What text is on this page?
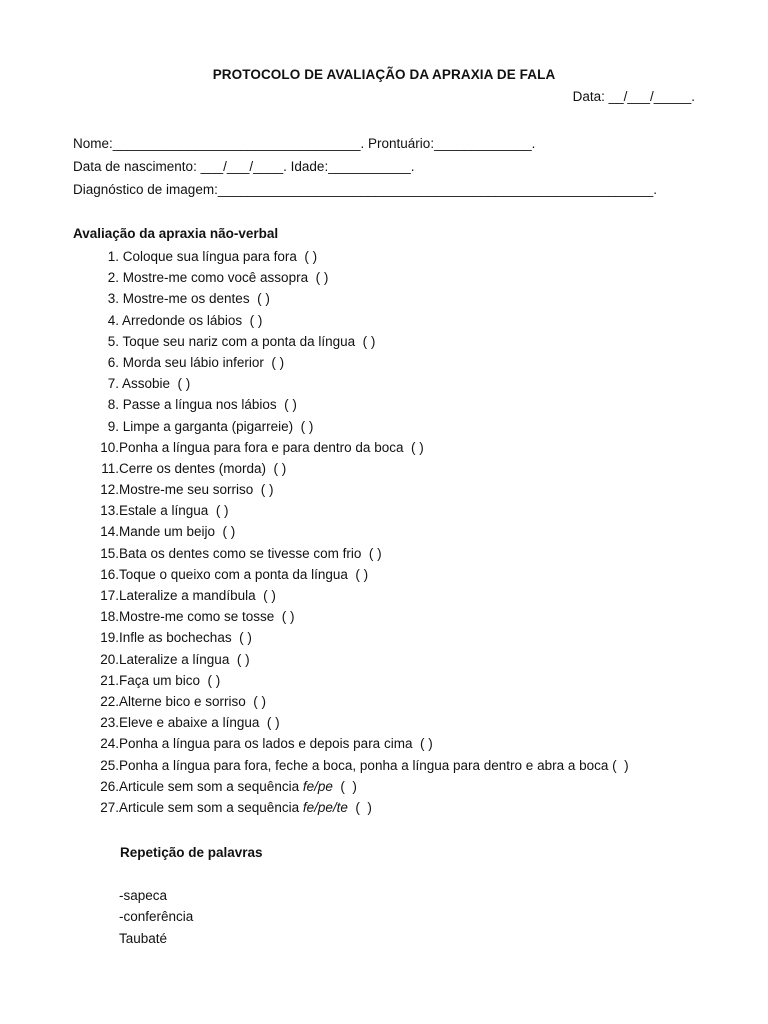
PROTOCOLO DE AVALIAÇÃO DA APRAXIA DE FALA
Data: __/___/_____.
Nome:_________________________________. Prontuário:_____________.
Data de nascimento: ___/___/____. Idade:___________.
Diagnóstico de imagem:__________________________________________________________.
Avaliação da apraxia não-verbal
1. Coloque sua língua para fora  ( )
2. Mostre-me como você assopra  ( )
3. Mostre-me os dentes  ( )
4. Arredonde os lábios  ( )
5. Toque seu nariz com a ponta da língua  ( )
6. Morda seu lábio inferior  ( )
7. Assobie  ( )
8. Passe a língua nos lábios  ( )
9. Limpe a garganta (pigarreie)  ( )
10.Ponha a língua para fora e para dentro da boca  ( )
11.Cerre os dentes (morda)  ( )
12.Mostre-me seu sorriso  ( )
13.Estale a língua  ( )
14.Mande um beijo  ( )
15.Bata os dentes como se tivesse com frio  ( )
16.Toque o queixo com a ponta da língua  ( )
17.Lateralize a mandíbula  ( )
18.Mostre-me como se tosse  ( )
19.Infle as bochechas  ( )
20.Lateralize a língua  ( )
21.Faça um bico  ( )
22.Alterne bico e sorriso  ( )
23.Eleve e abaixe a língua  ( )
24.Ponha a língua para os lados e depois para cima  ( )
25.Ponha a língua para fora, feche a boca, ponha a língua para dentro e abra a boca (  )
26.Articule sem som a sequência fe/pe  (  )
27.Articule sem som a sequência fe/pe/te  (  )
Repetição de palavras
-sapeca
-conferência
Taubaté
